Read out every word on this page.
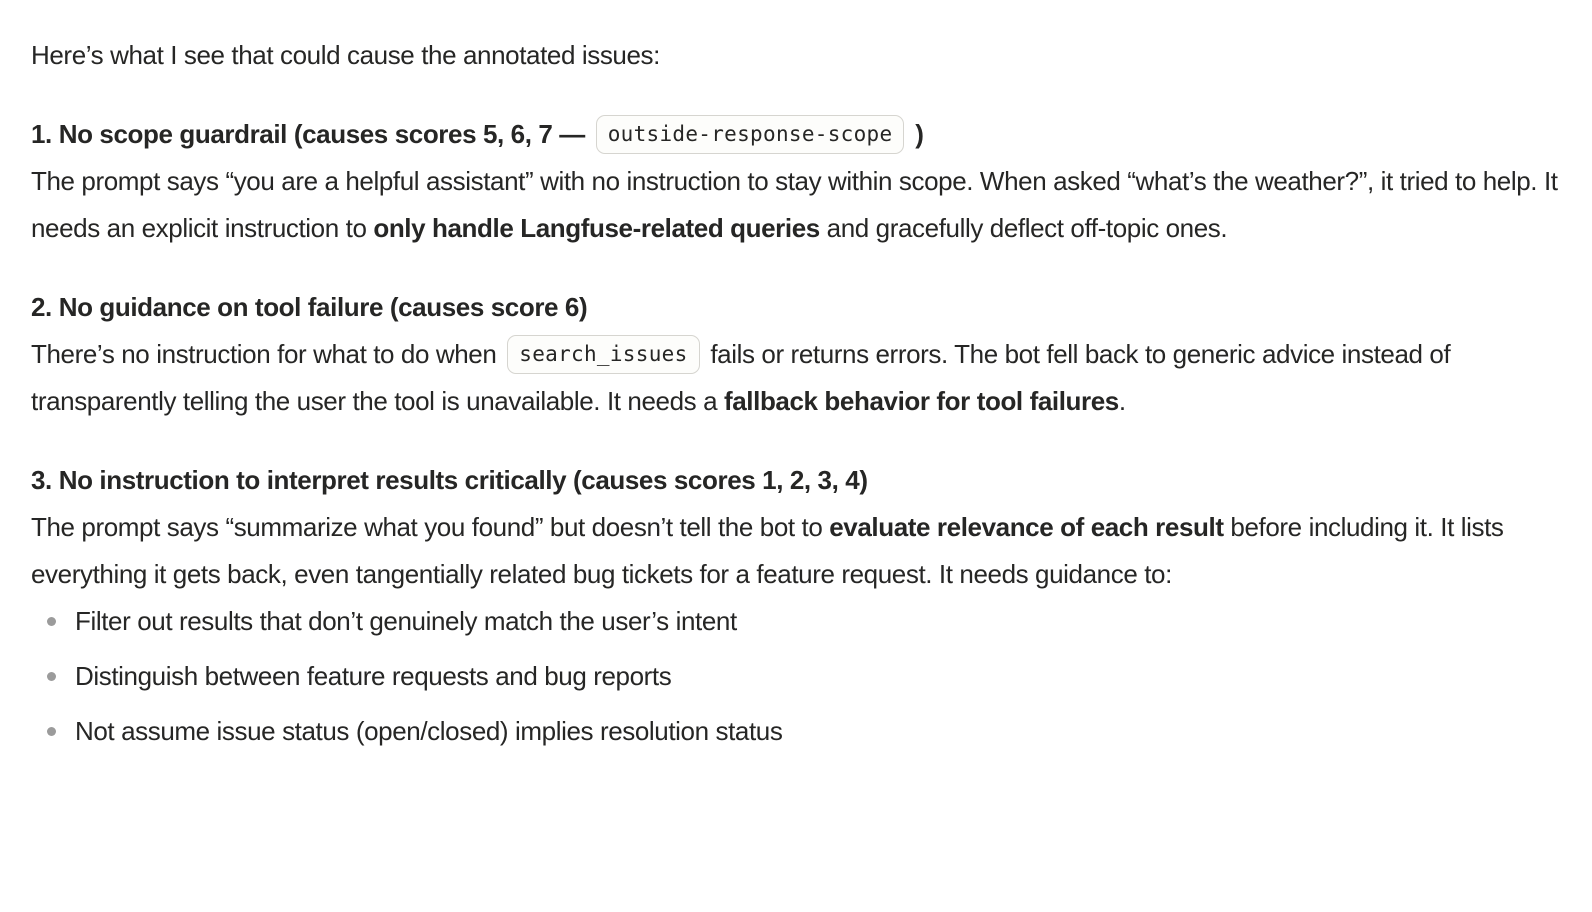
Here’s what I see that could cause the annotated issues:

1. No scope guardrail (causes scores 5, 6, 7 — outside-response-scope )
The prompt says “you are a helpful assistant” with no instruction to stay within scope. When asked “what’s the weather?”, it tried to help. It needs an explicit instruction to only handle Langfuse-related queries and gracefully deflect off-topic ones.

2. No guidance on tool failure (causes score 6)
There’s no instruction for what to do when search_issues fails or returns errors. The bot fell back to generic advice instead of transparently telling the user the tool is unavailable. It needs a fallback behavior for tool failures.

3. No instruction to interpret results critically (causes scores 1, 2, 3, 4)
The prompt says “summarize what you found” but doesn’t tell the bot to evaluate relevance of each result before including it. It lists everything it gets back, even tangentially related bug tickets for a feature request. It needs guidance to:

Filter out results that don’t genuinely match the user’s intent
Distinguish between feature requests and bug reports
Not assume issue status (open/closed) implies resolution status
